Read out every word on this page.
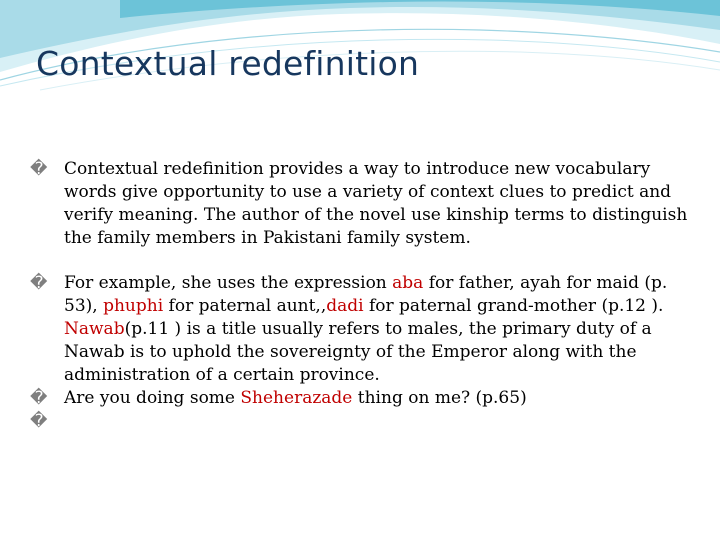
Contextual redefinition

� Contextual redefinition provides a way to introduce new vocabulary words give opportunity to use a variety of context clues to predict and verify meaning. The author of the novel use kinship terms to distinguish the family members in Pakistani family system.

� For example, she uses the expression aba for father, ayah for maid (p. 53), phuphi for paternal aunt,,dadi for paternal grand-mother (p.12 ). Nawab(p.11 ) is a title usually refers to males, the primary duty of a Nawab is to uphold the sovereignty of the Emperor along with the administration of a certain province.

� Are you doing some Sheherazade thing on me? (p.65)

�
